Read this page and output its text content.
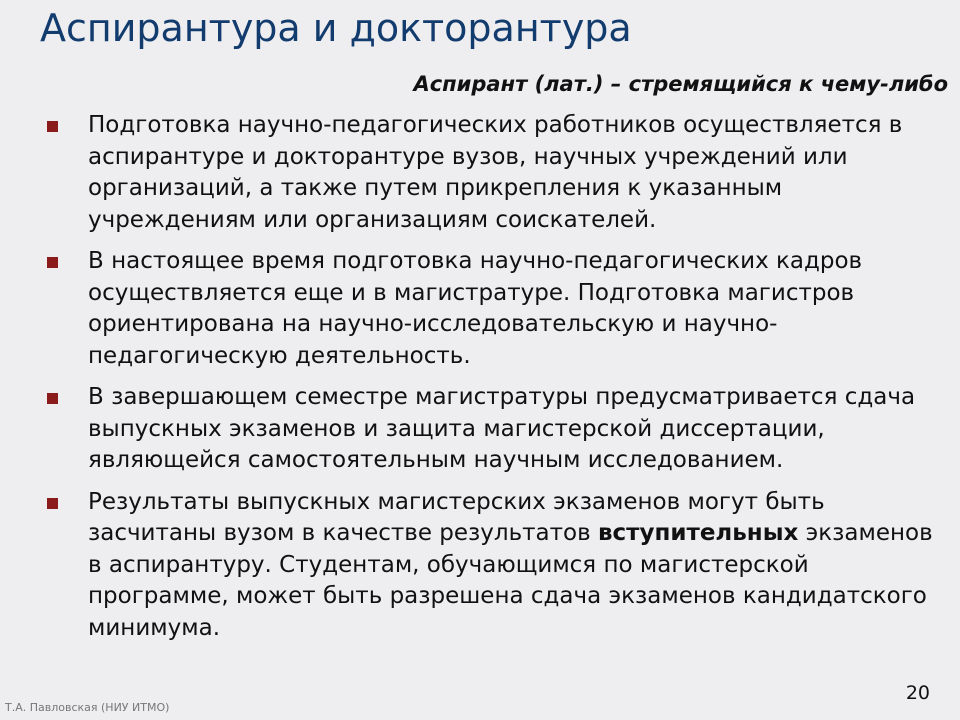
Аспирантура и докторантура
Аспирант (лат.) – стремящийся к чему-либо
Подготовка научно-педагогических работников осуществляется в аспирантуре и докторантуре вузов, научных учреждений или организаций, а также путем прикрепления к указанным учреждениям или организациям соискателей.
В настоящее время подготовка научно-педагогических кадров осуществляется еще и в магистратуре. Подготовка магистров ориентирована на научно-исследовательскую и научно-педагогическую деятельность.
В завершающем семестре магистратуры предусматривается сдача выпускных экзаменов и защита магистерской диссертации, являющейся самостоятельным научным исследованием.
Результаты выпускных магистерских экзаменов могут быть засчитаны вузом в качестве результатов вступительных экзаменов в аспирантуру. Студентам, обучающимся по магистерской программе, может быть разрешена сдача экзаменов кандидатского минимума.
Т.А. Павловская (НИУ ИТМО)
20
